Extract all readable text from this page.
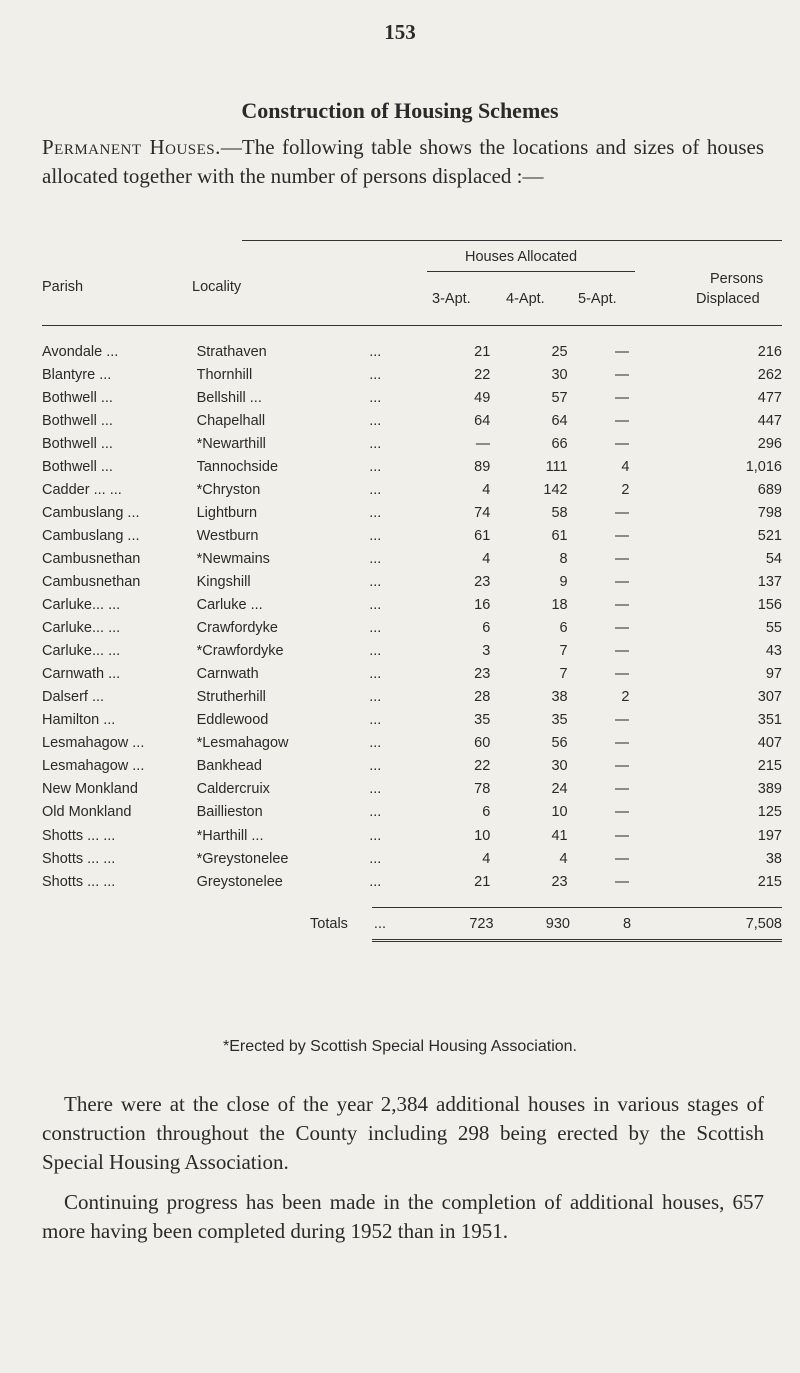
153
Construction of Housing Schemes
Permanent Houses.—The following table shows the locations and sizes of houses allocated together with the number of persons displaced :—
Parish	Locality
Houses Allocated
3-Apt. 4-Apt. 5-Apt.
Persons
Displaced
Avondale ...	Strathaven	...	21	25	—	216
Blantyre ...	Thornhill	...	22	30	—	262
Bothwell ...	Bellshill ...	...	49	57	—	477
Bothwell ...	Chapelhall	...	64	64	—	447
Bothwell ...	*Newarthill	...	—	66	—	296
Bothwell ...	Tannochside	...	89	111	4	1,016
Cadder ... ...	*Chryston	...	4	142	2	689
Cambuslang ...	Lightburn	...	74	58	—	798
Cambuslang ...	Westburn	...	61	61	—	521
Cambusnethan	*Newmains	...	4	8	—	54
Cambusnethan	Kingshill	...	23	9	—	137
Carluke... ...	Carluke ...	...	16	18	—	156
Carluke... ...	Crawfordyke	...	6	6	—	55
Carluke... ...	*Crawfordyke	...	3	7	—	43
Carnwath ...	Carnwath	...	23	7	—	97
Dalserf ...	Strutherhill	...	28	38	2	307
Hamilton ...	Eddlewood	...	35	35	—	351
Lesmahagow ...	*Lesmahagow	...	60	56	—	407
Lesmahagow ...	Bankhead	...	22	30	—	215
New Monkland	Caldercruix	...	78	24	—	389
Old Monkland	Baillieston	...	6	10	—	125
Shotts ... ...	*Harthill ...	...	10	41	—	197
Shotts ... ...	*Greystonelee	...	4	4	—	38
Shotts ... ...	Greystonelee	...	21	23	—	215
	Totals	...	723	930	8	7,508
*Erected by Scottish Special Housing Association.
There were at the close of the year 2,384 additional houses in various stages of construction throughout the County including 298 being erected by the Scottish Special Housing Association.
Continuing progress has been made in the completion of additional houses, 657 more having been completed during 1952 than in 1951.
